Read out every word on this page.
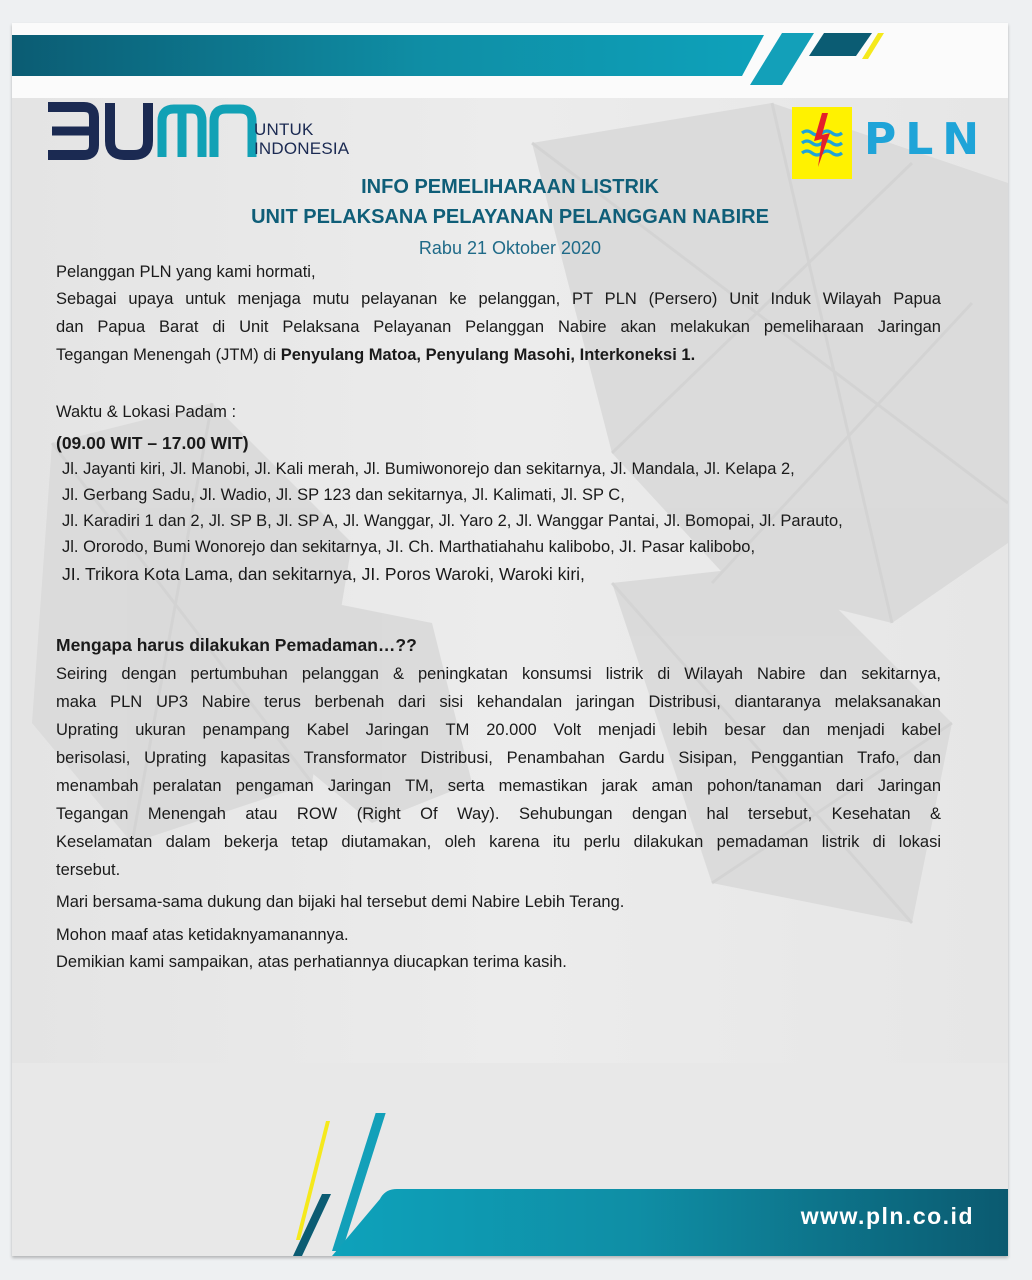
UNTUK
INDONESIA	PLN
INFO PEMELIHARAAN LISTRIK
UNIT PELAKSANA PELAYANAN PELANGGAN NABIRE
Rabu 21 Oktober 2020
Pelanggan PLN yang kami hormati,
Sebagai upaya untuk menjaga mutu pelayanan ke pelanggan, PT PLN (Persero) Unit Induk Wilayah Papua
dan Papua Barat di Unit Pelaksana Pelayanan Pelanggan Nabire akan melakukan pemeliharaan Jaringan
Tegangan Menengah (JTM) di Penyulang Matoa, Penyulang Masohi, Interkoneksi 1.
Waktu & Lokasi Padam :
(09.00 WIT – 17.00 WIT)
Jl. Jayanti kiri, Jl. Manobi, Jl. Kali merah, Jl. Bumiwonorejo dan sekitarnya, Jl. Mandala, Jl. Kelapa 2,
Jl. Gerbang Sadu, Jl. Wadio, Jl. SP 123 dan sekitarnya, Jl. Kalimati, Jl. SP C,
Jl. Karadiri 1 dan 2, Jl. SP B, Jl. SP A, Jl. Wanggar, Jl. Yaro 2, Jl. Wanggar Pantai, Jl. Bomopai, Jl. Parauto,
Jl. Ororodo, Bumi Wonorejo dan sekitarnya, JI. Ch. Marthatiahahu kalibobo, JI. Pasar kalibobo,
JI. Trikora Kota Lama, dan sekitarnya, JI. Poros Waroki, Waroki kiri,
Mengapa harus dilakukan Pemadaman…??
Seiring dengan pertumbuhan pelanggan & peningkatan konsumsi listrik di Wilayah Nabire dan sekitarnya,
maka PLN UP3 Nabire terus berbenah dari sisi kehandalan jaringan Distribusi, diantaranya melaksanakan
Uprating ukuran penampang Kabel Jaringan TM 20.000 Volt menjadi lebih besar dan menjadi kabel
berisolasi, Uprating kapasitas Transformator Distribusi, Penambahan Gardu Sisipan, Penggantian Trafo, dan
menambah peralatan pengaman Jaringan TM, serta memastikan jarak aman pohon/tanaman dari Jaringan
Tegangan Menengah atau ROW (Right Of Way). Sehubungan dengan hal tersebut, Kesehatan &
Keselamatan dalam bekerja tetap diutamakan, oleh karena itu perlu dilakukan pemadaman listrik di lokasi
tersebut.
Mari bersama-sama dukung dan bijaki hal tersebut demi Nabire Lebih Terang.
Mohon maaf atas ketidaknyamanannya.
Demikian kami sampaikan, atas perhatiannya diucapkan terima kasih.
www.pln.co.id
